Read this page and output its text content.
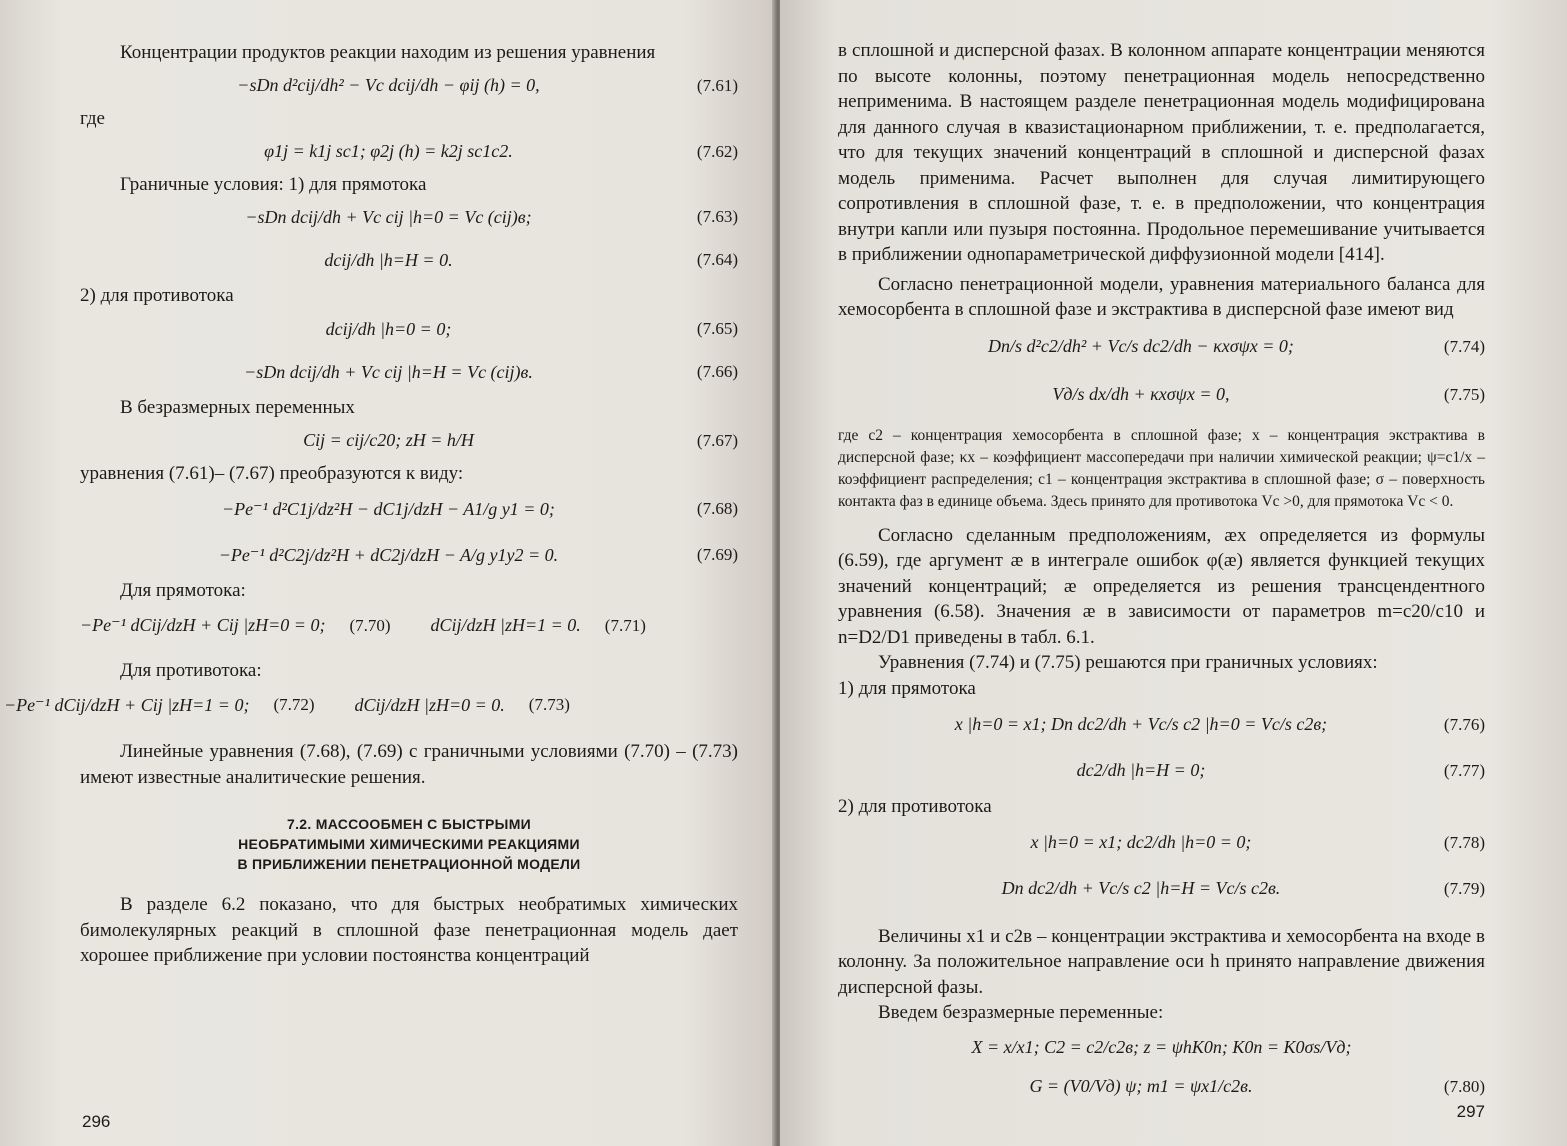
Концентрации продуктов реакции находим из решения уравнения

−sDп d²cij/dh² − Vc dcij/dh − φij (h) = 0,	(7.61)
где
φ1j = k1j sc1; φ2j (h) = k2j sc1c2.	(7.62)

Граничные условия: 1) для прямотока

−sDп dcij/dh + Vc cij |h=0 = Vc (cij)в;	(7.63)
dcij/dh |h=H = 0.	(7.64)
2) для противотока
dcij/dh |h=0 = 0;	(7.65)
−sDп dcij/dh + Vc cij |h=H = Vc (cij)в.	(7.66)

В безразмерных переменных

Cij = cij/c20; zH = h/H	(7.67)

уравнения (7.61)– (7.67) преобразуются к виду:

−Pe⁻¹ d²C1j/dz²H − dC1j/dzH − A1/g y1 = 0;	(7.68)
−Pe⁻¹ d²C2j/dz²H + dC2j/dzH − A/g y1y2 = 0.	(7.69)

Для прямотока:

−Pe⁻¹ dCij/dzH + Cij |zH=0 = 0; (7.70) dCij/dzH |zH=1 = 0. (7.71)

Для противотока:

−Pe⁻¹ dCij/dzH + Cij |zH=1 = 0; (7.72) dCij/dzH |zH=0 = 0. (7.73)

Линейные уравнения (7.68), (7.69) с граничными условиями (7.70) – (7.73) имеют известные аналитические решения.

7.2. МАССООБМЕН С БЫСТРЫМИ
НЕОБРАТИМЫМИ ХИМИЧЕСКИМИ РЕАКЦИЯМИ
В ПРИБЛИЖЕНИИ ПЕНЕТРАЦИОННОЙ МОДЕЛИ

В разделе 6.2 показано, что для быстрых необратимых химических бимолекулярных реакций в сплошной фазе пенетрационная модель дает хорошее приближение при условии постоянства концентраций

296

в сплошной и дисперсной фазах. В колонном аппарате концентрации меняются по высоте колонны, поэтому пенетрационная модель непосредственно неприменима. В настоящем разделе пенетрационная модель модифицирована для данного случая в квазистационарном приближении, т. е. предполагается, что для текущих значений концентраций в сплошной и дисперсной фазах модель применима. Расчет выполнен для случая лимитирующего сопротивления в сплошной фазе, т. е. в предположении, что концентрация внутри капли или пузыря постоянна. Продольное перемешивание учитывается в приближении однопараметрической диффузионной модели [414].

Согласно пенетрационной модели, уравнения материального баланса для хемосорбента в сплошной фазе и экстрактива в дисперсной фазе имеют вид

Dп/s d²c2/dh² + Vc/s dc2/dh − κxσψx = 0;	(7.74)
Vд/s dx/dh + κxσψx = 0,	(7.75)

где c2 – концентрация хемосорбента в сплошной фазе; x – концентрация экстрактива в дисперсной фазе; κx – коэффициент массопередачи при наличии химической реакции; ψ=c1/x – коэффициент распределения; c1 – концентрация экстрактива в сплошной фазе; σ – поверхность контакта фаз в единице объема. Здесь принято для противотока Vc >0, для прямотока Vc < 0.

Согласно сделанным предположениям, æx определяется из формулы (6.59), где аргумент æ в интеграле ошибок φ(æ) является функцией текущих значений концентраций; æ определяется из решения трансцендентного уравнения (6.58). Значения æ в зависимости от параметров m=c20/c10 и n=D2/D1 приведены в табл. 6.1.

Уравнения (7.74) и (7.75) решаются при граничных условиях:

1) для прямотока
x |h=0 = x1; Dп dc2/dh + Vc/s c2 |h=0 = Vc/s c2в;	(7.76)
dc2/dh |h=H = 0;	(7.77)
2) для противотока
x |h=0 = x1; dc2/dh |h=0 = 0;	(7.78)
Dп dc2/dh + Vc/s c2 |h=H = Vc/s c2в.	(7.79)

Величины x1 и c2в – концентрации экстрактива и хемосорбента на входе в колонну. За положительное направление оси h принято направление движения дисперсной фазы.

Введем безразмерные переменные:

X = x/x1; C2 = c2/c2в; z = ψhK0п; K0п = K0σs/Vд;
G = (V0/Vд) ψ; m1 = ψx1/c2в.	(7.80)
297
